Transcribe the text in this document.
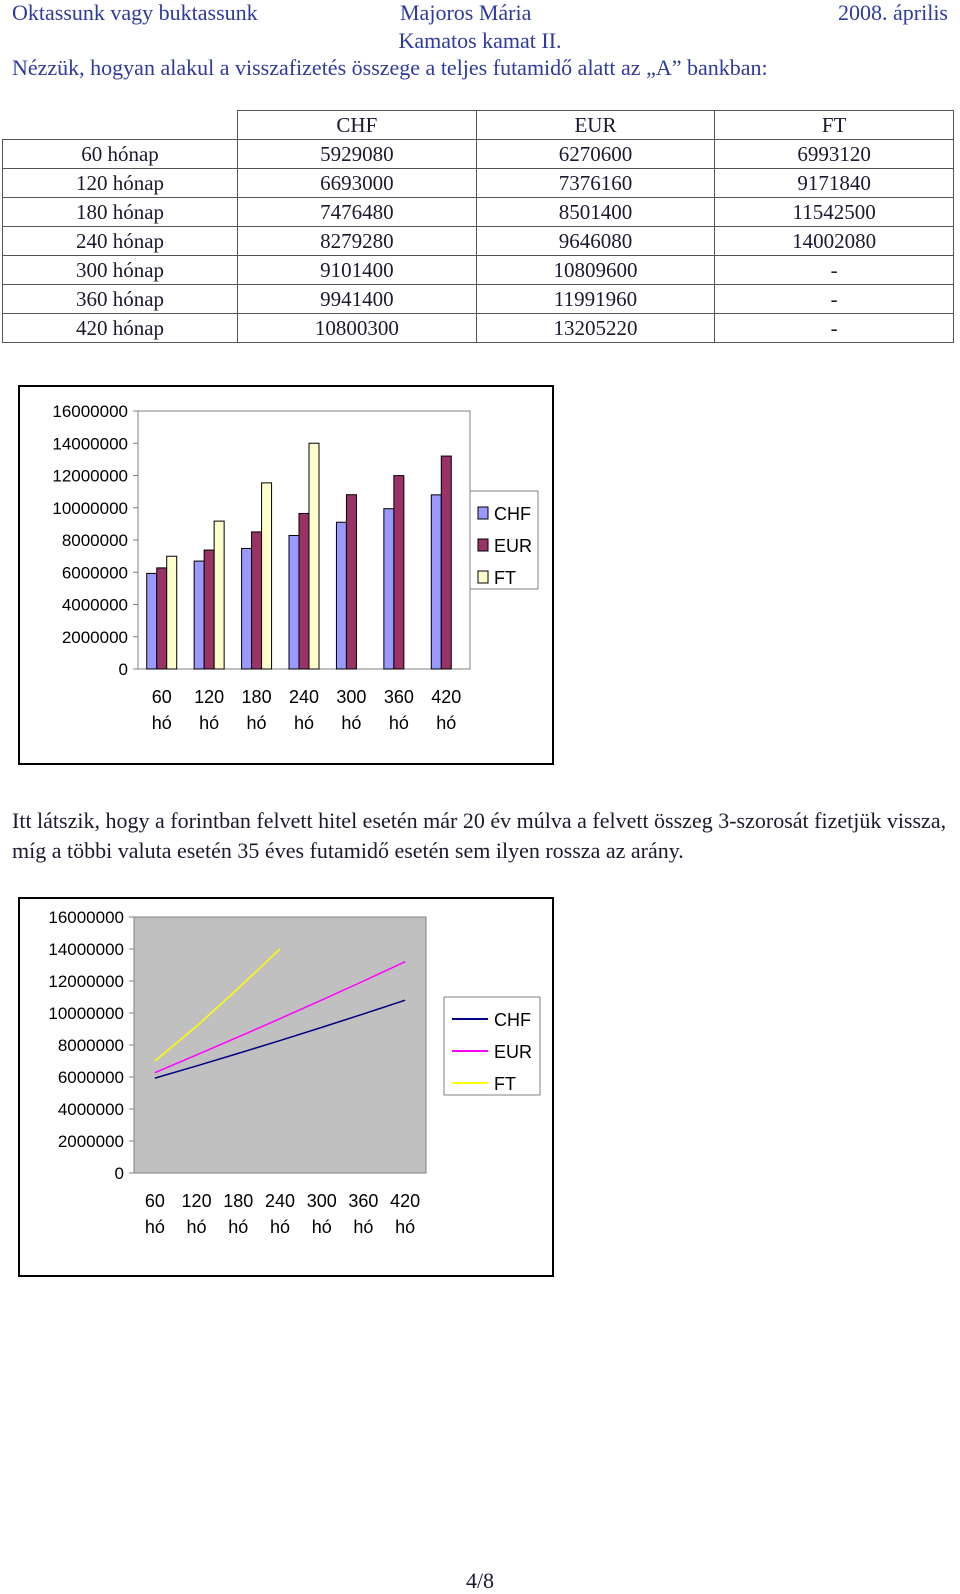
Oktassunk vagy buktassunk	Majoros Mária	2008. április
Kamatos kamat II.
Nézzük, hogyan alakul a visszafizetés összege a teljes futamidő alatt az „A” bankban:
	CHF	EUR	FT
60 hónap	5929080	6270600	6993120
120 hónap	6693000	7376160	9171840
180 hónap	7476480	8501400	11542500
240 hónap	8279280	9646080	14002080
300 hónap	9101400	10809600	-
360 hónap	9941400	11991960	-
420 hónap	10800300	13205220	-
0
2000000
4000000
6000000
8000000
10000000
12000000
14000000
16000000
60
hó
120
hó
180
hó
240
hó
300
hó
360
hó
420
hó
CHF
EUR
FT
Itt látszik, hogy a forintban felvett hitel esetén már 20 év múlva a felvett összeg 3-szorosát fizetjük vissza, míg a többi valuta esetén 35 éves futamidő esetén sem ilyen rossza az arány.
0
2000000
4000000
6000000
8000000
10000000
12000000
14000000
16000000
60
hó
120
hó
180
hó
240
hó
300
hó
360
hó
420
hó
CHF
EUR
FT
4/8
